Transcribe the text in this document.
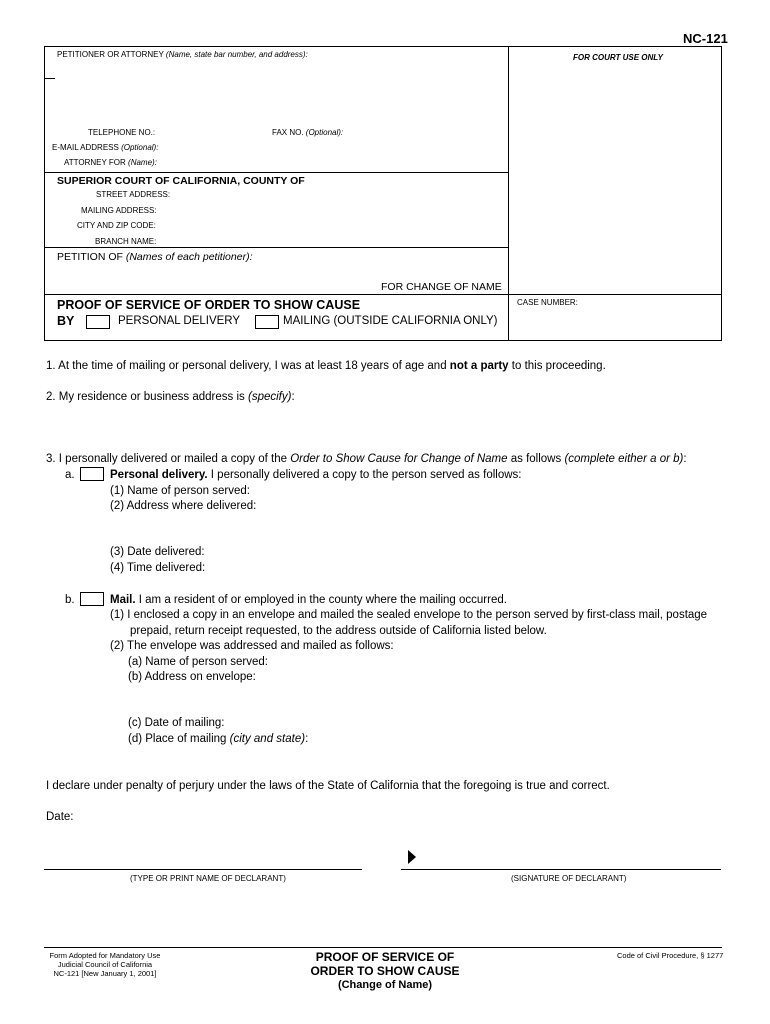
NC-121
PETITIONER OR ATTORNEY (Name, state bar number, and address):	FOR COURT USE ONLY
TELEPHONE NO.:	FAX NO. (Optional):
E-MAIL ADDRESS (Optional):
ATTORNEY FOR (Name):
SUPERIOR COURT OF CALIFORNIA, COUNTY OF
STREET ADDRESS:
MAILING ADDRESS:
CITY AND ZIP CODE:
BRANCH NAME:
PETITION OF (Names of each petitioner):
FOR CHANGE OF NAME
PROOF OF SERVICE OF ORDER TO SHOW CAUSE
BY	PERSONAL DELIVERY	MAILING (OUTSIDE CALIFORNIA ONLY)
CASE NUMBER:
1. At the time of mailing or personal delivery, I was at least 18 years of age and not a party to this proceeding.
2. My residence or business address is (specify):
3. I personally delivered or mailed a copy of the Order to Show Cause for Change of Name as follows (complete either a or b):
a.	Personal delivery. I personally delivered a copy to the person served as follows:
(1) Name of person served:
(2) Address where delivered:
(3) Date delivered:
(4) Time delivered:
b.	Mail. I am a resident of or employed in the county where the mailing occurred.
(1) I enclosed a copy in an envelope and mailed the sealed envelope to the person served by first-class mail, postage
prepaid, return receipt requested, to the address outside of California listed below.
(2) The envelope was addressed and mailed as follows:
(a) Name of person served:
(b) Address on envelope:
(c) Date of mailing:
(d) Place of mailing (city and state):
I declare under penalty of perjury under the laws of the State of California that the foregoing is true and correct.
Date:
(TYPE OR PRINT NAME OF DECLARANT)	(SIGNATURE OF DECLARANT)
Form Adopted for Mandatory Use
Judicial Council of California
NC-121 [New January 1, 2001]
PROOF OF SERVICE OF
ORDER TO SHOW CAUSE
(Change of Name)
Code of Civil Procedure, § 1277
